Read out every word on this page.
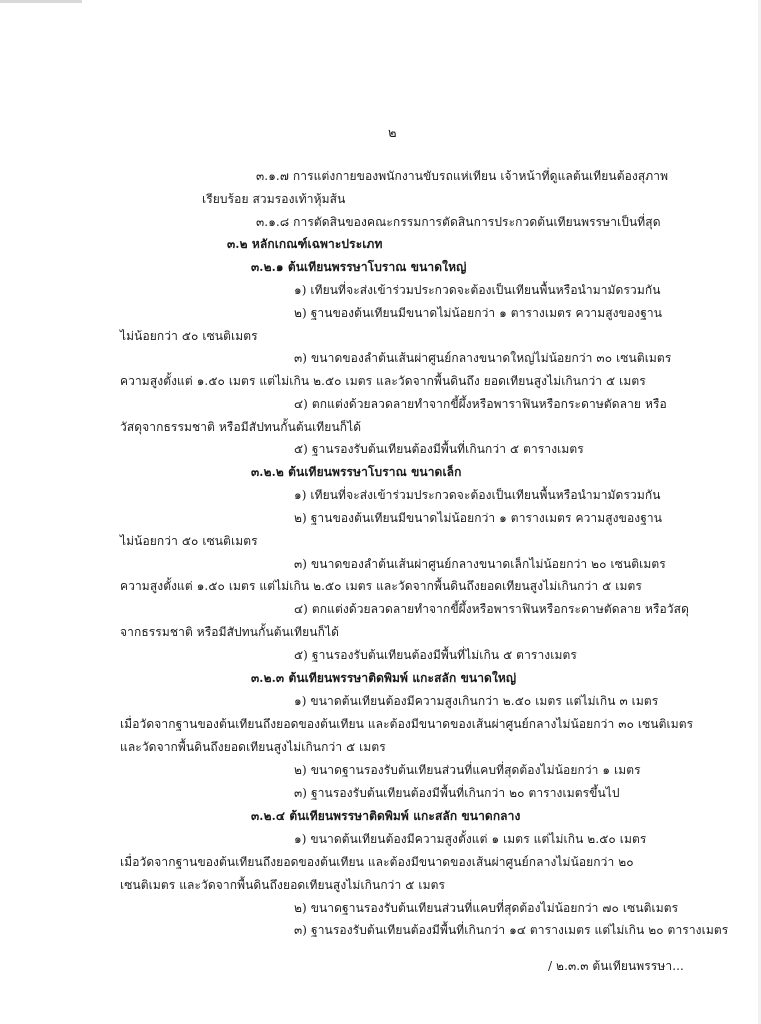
๒
๓.๑.๗ การแต่งกายของพนักงานขับรถแห่เทียน เจ้าหน้าที่ดูแลต้นเทียนต้องสุภาพ
เรียบร้อย สวมรองเท้าหุ้มส้น
๓.๑.๘ การตัดสินของคณะกรรมการตัดสินการประกวดต้นเทียนพรรษาเป็นที่สุด
๓.๒ หลักเกณฑ์เฉพาะประเภท
๓.๒.๑ ต้นเทียนพรรษาโบราณ ขนาดใหญ่
๑) เทียนที่จะส่งเข้าร่วมประกวดจะต้องเป็นเทียนพื้นหรือนำมามัดรวมกัน
๒) ฐานของต้นเทียนมีขนาดไม่น้อยกว่า ๑ ตารางเมตร ความสูงของฐาน
ไม่น้อยกว่า ๕๐ เซนติเมตร
๓) ขนาดของลำต้นเส้นผ่าศูนย์กลางขนาดใหญ่ไม่น้อยกว่า ๓๐ เซนติเมตร
ความสูงตั้งแต่ ๑.๕๐ เมตร แต่ไม่เกิน ๒.๕๐ เมตร และวัดจากพื้นดินถึง ยอดเทียนสูงไม่เกินกว่า ๕ เมตร
๔) ตกแต่งด้วยลวดลายทำจากขี้ผึ้งหรือพาราฟินหรือกระดาษตัดลาย หรือ
วัสดุจากธรรมชาติ หรือมีสัปทนกั้นต้นเทียนก็ได้
๕) ฐานรองรับต้นเทียนต้องมีพื้นที่เกินกว่า ๕ ตารางเมตร
๓.๒.๒ ต้นเทียนพรรษาโบราณ ขนาดเล็ก
๑) เทียนที่จะส่งเข้าร่วมประกวดจะต้องเป็นเทียนพื้นหรือนำมามัดรวมกัน
๒) ฐานของต้นเทียนมีขนาดไม่น้อยกว่า ๑ ตารางเมตร ความสูงของฐาน
ไม่น้อยกว่า ๕๐ เซนติเมตร
๓) ขนาดของลำต้นเส้นผ่าศูนย์กลางขนาดเล็กไม่น้อยกว่า ๒๐ เซนติเมตร
ความสูงตั้งแต่ ๑.๕๐ เมตร แต่ไม่เกิน ๒.๕๐ เมตร และวัดจากพื้นดินถึงยอดเทียนสูงไม่เกินกว่า ๕ เมตร
๔) ตกแต่งด้วยลวดลายทำจากขี้ผึ้งหรือพาราฟินหรือกระดาษตัดลาย หรือวัสดุ
จากธรรมชาติ หรือมีสัปทนกั้นต้นเทียนก็ได้
๕) ฐานรองรับต้นเทียนต้องมีพื้นที่ไม่เกิน ๕ ตารางเมตร
๓.๒.๓ ต้นเทียนพรรษาติดพิมพ์ แกะสลัก ขนาดใหญ่
๑) ขนาดต้นเทียนต้องมีความสูงเกินกว่า ๒.๕๐ เมตร แต่ไม่เกิน ๓ เมตร
เมื่อวัดจากฐานของต้นเทียนถึงยอดของต้นเทียน และต้องมีขนาดของเส้นผ่าศูนย์กลางไม่น้อยกว่า ๓๐ เซนติเมตร
และวัดจากพื้นดินถึงยอดเทียนสูงไม่เกินกว่า ๕ เมตร
๒) ขนาดฐานรองรับต้นเทียนส่วนที่แคบที่สุดต้องไม่น้อยกว่า ๑ เมตร
๓) ฐานรองรับต้นเทียนต้องมีพื้นที่เกินกว่า ๒๐ ตารางเมตรขึ้นไป
๓.๒.๔ ต้นเทียนพรรษาติดพิมพ์ แกะสลัก ขนาดกลาง
๑) ขนาดต้นเทียนต้องมีความสูงตั้งแต่ ๑ เมตร แต่ไม่เกิน ๒.๕๐ เมตร
เมื่อวัดจากฐานของต้นเทียนถึงยอดของต้นเทียน และต้องมีขนาดของเส้นผ่าศูนย์กลางไม่น้อยกว่า ๒๐
เซนติเมตร และวัดจากพื้นดินถึงยอดเทียนสูงไม่เกินกว่า ๕ เมตร
๒) ขนาดฐานรองรับต้นเทียนส่วนที่แคบที่สุดต้องไม่น้อยกว่า ๗๐ เซนติเมตร
๓) ฐานรองรับต้นเทียนต้องมีพื้นที่เกินกว่า ๑๔ ตารางเมตร แต่ไม่เกิน ๒๐ ตารางเมตร
/ ๒.๓.๓ ต้นเทียนพรรษา...
